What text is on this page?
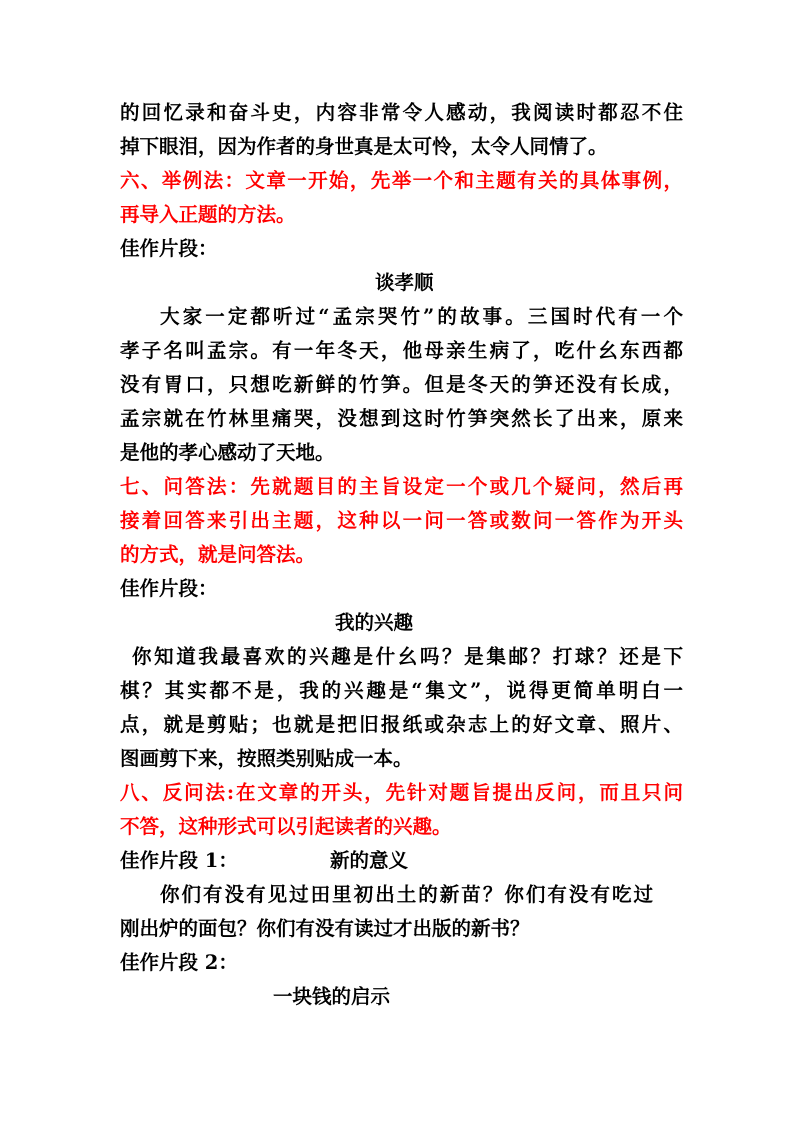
的回忆录和奋斗史，内容非常令人感动，我阅读时都忍不住
掉下眼泪，因为作者的身世真是太可怜，太令人同情了。
六、举例法：文章一开始，先举一个和主题有关的具体事例，
再导入正题的方法。
佳作片段：
谈孝顺
大家一定都听过“孟宗哭竹”的故事。三国时代有一个
孝子名叫孟宗。有一年冬天，他母亲生病了，吃什幺东西都
没有胃口，只想吃新鲜的竹笋。但是冬天的笋还没有长成，
孟宗就在竹林里痛哭，没想到这时竹笋突然长了出来，原来
是他的孝心感动了天地。
七、问答法：先就题目的主旨设定一个或几个疑问，然后再
接着回答来引出主题，这种以一问一答或数问一答作为开头
的方式，就是问答法。
佳作片段：
我的兴趣
你知道我最喜欢的兴趣是什幺吗？是集邮？打球？还是下
棋？其实都不是，我的兴趣是“集文”，说得更简单明白一
点，就是剪贴；也就是把旧报纸或杂志上的好文章、照片、
图画剪下来，按照类别贴成一本。
八、反问法:在文章的开头，先针对题旨提出反问，而且只问
不答，这种形式可以引起读者的兴趣。
佳作片段 1：	新的意义
你们有没有见过田里初出土的新苗？你们有没有吃过
刚出炉的面包？你们有没有读过才出版的新书？
佳作片段 2：
一块钱的启示
